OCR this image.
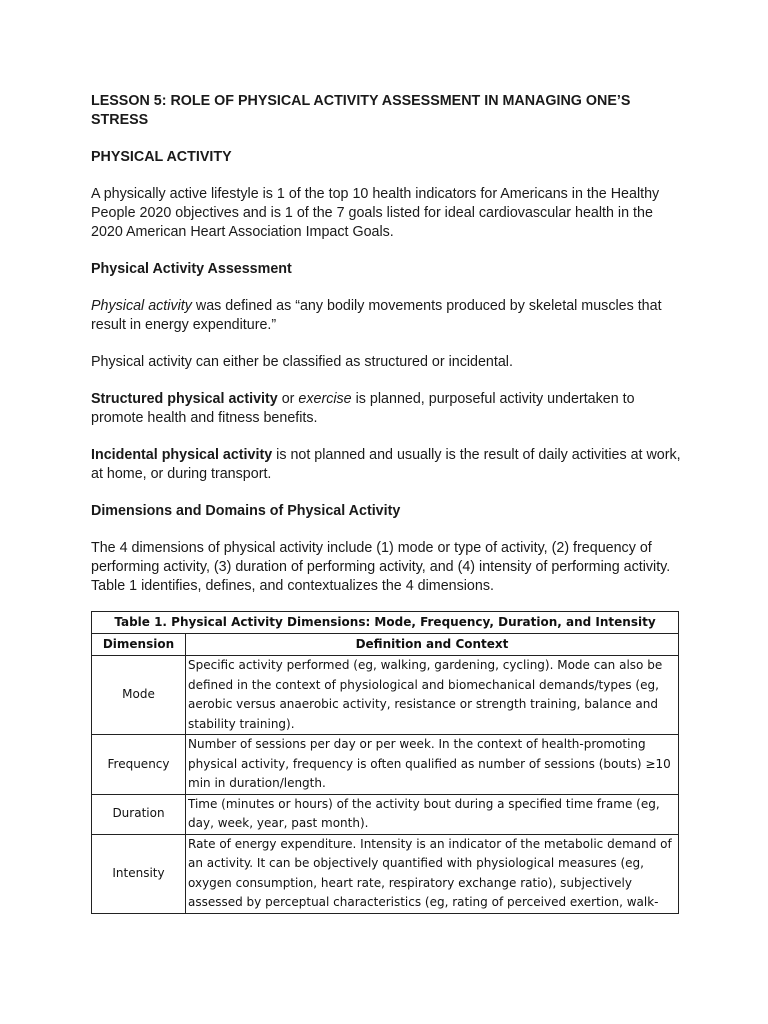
LESSON 5: ROLE OF PHYSICAL ACTIVITY ASSESSMENT IN MANAGING ONE’S STRESS
PHYSICAL ACTIVITY

A physically active lifestyle is 1 of the top 10 health indicators for Americans in the Healthy People 2020 objectives and is 1 of the 7 goals listed for ideal cardiovascular health in the 2020 American Heart Association Impact Goals.

Physical Activity Assessment

Physical activity was defined as “any bodily movements produced by skeletal muscles that result in energy expenditure.”

Physical activity can either be classified as structured or incidental.

Structured physical activity or exercise is planned, purposeful activity undertaken to promote health and fitness benefits.

Incidental physical activity is not planned and usually is the result of daily activities at work, at home, or during transport.

Dimensions and Domains of Physical Activity

The 4 dimensions of physical activity include (1) mode or type of activity, (2) frequency of performing activity, (3) duration of performing activity, and (4) intensity of performing activity. Table 1 identifies, defines, and contextualizes the 4 dimensions.

Table 1. Physical Activity Dimensions: Mode, Frequency, Duration, and Intensity	
Dimension	Definition and Context
Mode	Specific activity performed (eg, walking, gardening, cycling). Mode can also be defined in the context of physiological and biomechanical demands/types (eg, aerobic versus anaerobic activity, resistance or strength training, balance and stability training).
Frequency	Number of sessions per day or per week. In the context of health-promoting physical activity, frequency is often qualified as number of sessions (bouts) ≥10 min in duration/length.
Duration	Time (minutes or hours) of the activity bout during a specified time frame (eg, day, week, year, past month).
Intensity	Rate of energy expenditure. Intensity is an indicator of the metabolic demand of an activity. It can be objectively quantified with physiological measures (eg, oxygen consumption, heart rate, respiratory exchange ratio), subjectively assessed by perceptual characteristics (eg, rating of perceived exertion, walk-
